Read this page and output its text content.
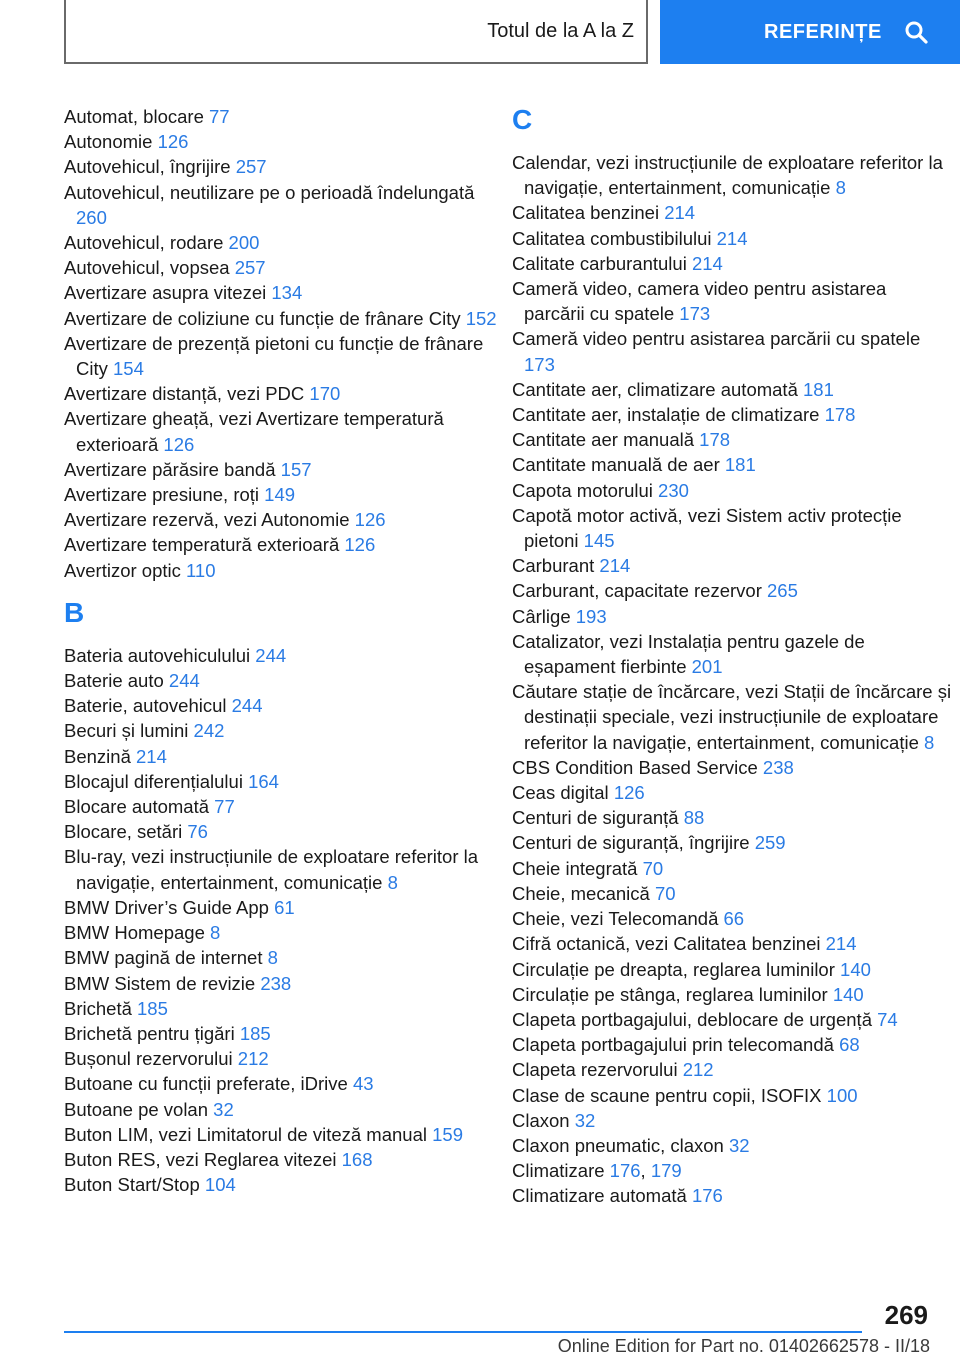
Totul de la A la Z	REFERINȚE
Automat, blocare 77
Autonomie 126
Autovehicul, îngrijire 257
Autovehicul, neutilizare pe o perioadă îndelungată 260
Autovehicul, rodare 200
Autovehicul, vopsea 257
Avertizare asupra vitezei 134
Avertizare de coliziune cu funcție de frânare City 152
Avertizare de prezență pietoni cu funcție de frânare City 154
Avertizare distanță, vezi PDC 170
Avertizare gheață, vezi Avertizare temperatură exterioară 126
Avertizare părăsire bandă 157
Avertizare presiune, roți 149
Avertizare rezervă, vezi Autonomie 126
Avertizare temperatură exterioară 126
Avertizor optic 110
B
Bateria autovehiculului 244
Baterie auto 244
Baterie, autovehicul 244
Becuri și lumini 242
Benzină 214
Blocajul diferențialului 164
Blocare automată 77
Blocare, setări 76
Blu-ray, vezi instrucțiunile de exploatare referitor la navigație, entertainment, comunicație 8
BMW Driver’s Guide App 61
BMW Homepage 8
BMW pagină de internet 8
BMW Sistem de revizie 238
Brichetă 185
Brichetă pentru țigări 185
Bușonul rezervorului 212
Butoane cu funcții preferate, iDrive 43
Butoane pe volan 32
Buton LIM, vezi Limitatorul de viteză manual 159
Buton RES, vezi Reglarea vitezei 168
Buton Start/Stop 104
C
Calendar, vezi instrucțiunile de exploatare referitor la navigație, entertainment, comunicație 8
Calitatea benzinei 214
Calitatea combustibilului 214
Calitate carburantului 214
Cameră video, camera video pentru asistarea parcării cu spatele 173
Cameră video pentru asistarea parcării cu spatele 173
Cantitate aer, climatizare automată 181
Cantitate aer, instalație de climatizare 178
Cantitate aer manuală 178
Cantitate manuală de aer 181
Capota motorului 230
Capotă motor activă, vezi Sistem activ protecție pietoni 145
Carburant 214
Carburant, capacitate rezervor 265
Cârlige 193
Catalizator, vezi Instalația pentru gazele de eșapament fierbinte 201
Căutare stație de încărcare, vezi Stații de încărcare și destinații speciale, vezi instrucțiunile de exploatare referitor la navigație, entertainment, comunicație 8
CBS Condition Based Service 238
Ceas digital 126
Centuri de siguranță 88
Centuri de siguranță, îngrijire 259
Cheie integrată 70
Cheie, mecanică 70
Cheie, vezi Telecomandă 66
Cifră octanică, vezi Calitatea benzinei 214
Circulație pe dreapta, reglarea luminilor 140
Circulație pe stânga, reglarea luminilor 140
Clapeta portbagajului, deblocare de urgență 74
Clapeta portbagajului prin telecomandă 68
Clapeta rezervorului 212
Clase de scaune pentru copii, ISOFIX 100
Claxon 32
Claxon pneumatic, claxon 32
Climatizare 176, 179
Climatizare automată 176
269
Online Edition for Part no. 01402662578 - II/18
